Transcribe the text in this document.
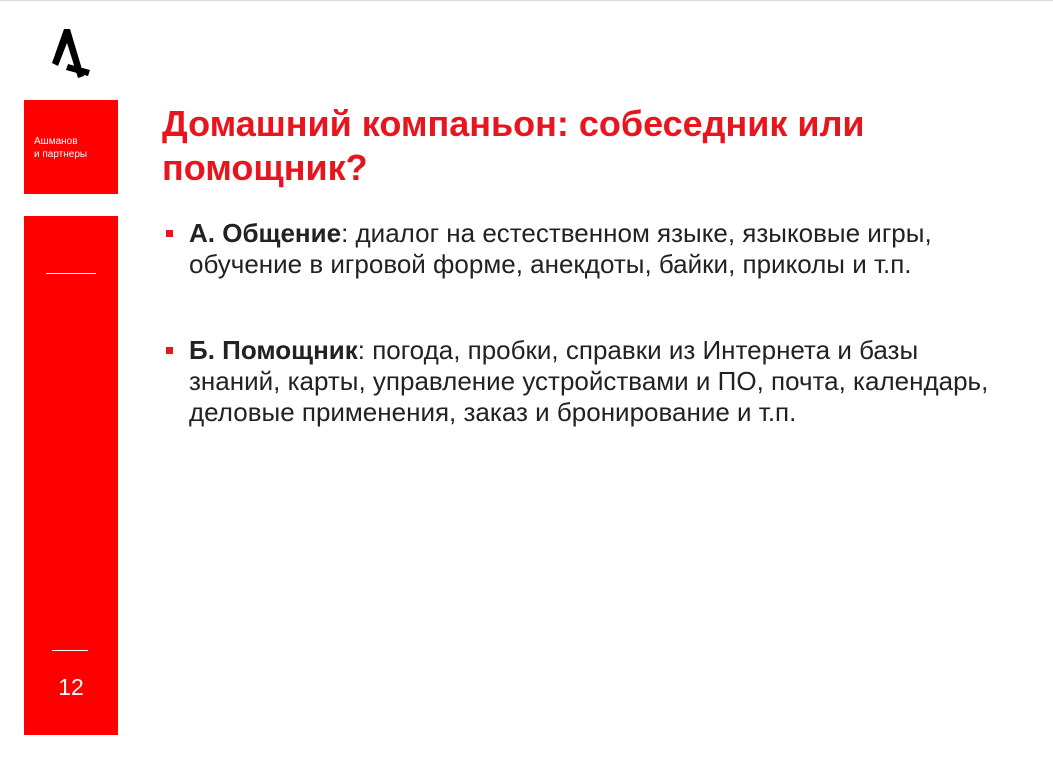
Ашманов
и партнеры
12
Домашний компаньон: собеседник или помощник?
А. Общение: диалог на естественном языке, языковые игры, обучение в игровой форме, анекдоты, байки, приколы и т.п.
Б. Помощник: погода, пробки, справки из Интернета и базы знаний, карты, управление устройствами и ПО, почта, календарь, деловые применения, заказ и бронирование и т.п.
